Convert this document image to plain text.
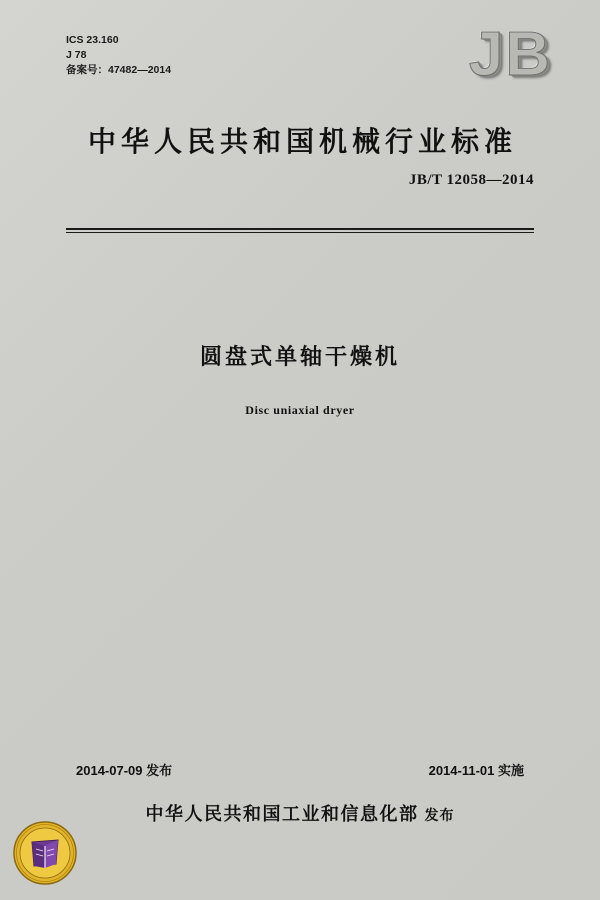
ICS 23.160
J 78
备案号：47482—2014	JB
中华人民共和国机械行业标准
JB/T 12058—2014
圆盘式单轴干燥机
Disc uniaxial dryer
2014-07-09 发布	2014-11-01 实施
中华人民共和国工业和信息化部 发布
